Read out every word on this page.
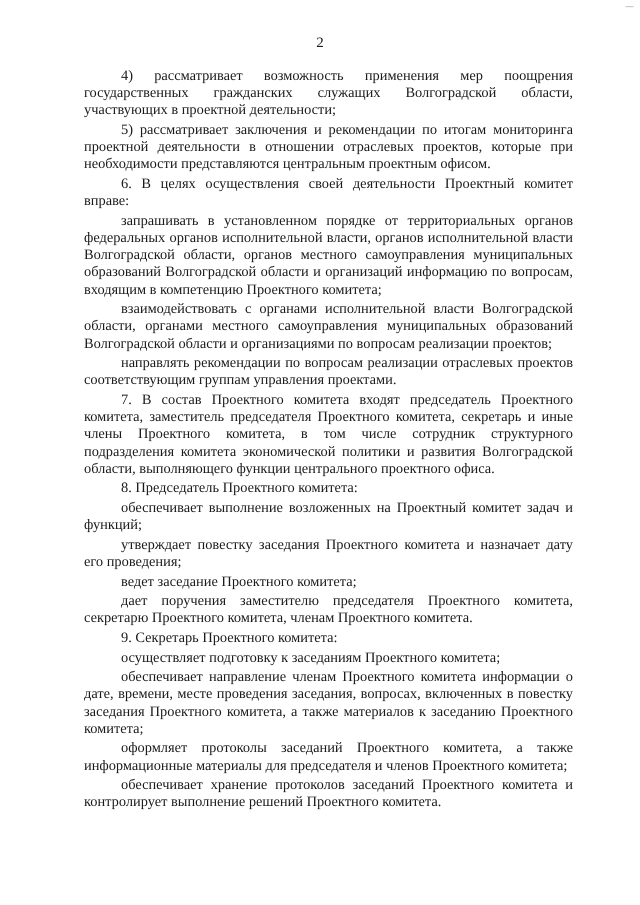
—
2

4) рассматривает возможность применения мер поощрения государственных гражданских служащих Волгоградской области, участвующих в проектной деятельности;

5) рассматривает заключения и рекомендации по итогам мониторинга проектной деятельности в отношении отраслевых проектов, которые при необходимости представляются центральным проектным офисом.

6. В целях осуществления своей деятельности Проектный комитет вправе:

запрашивать в установленном порядке от территориальных органов федеральных органов исполнительной власти, органов исполнительной власти Волгоградской области, органов местного самоуправления муниципальных образований Волгоградской области и организаций информацию по вопросам, входящим в компетенцию Проектного комитета;

взаимодействовать с органами исполнительной власти Волгоградской области, органами местного самоуправления муниципальных образований Волгоградской области и организациями по вопросам реализации проектов;

направлять рекомендации по вопросам реализации отраслевых проектов соответствующим группам управления проектами.

7. В состав Проектного комитета входят председатель Проектного комитета, заместитель председателя Проектного комитета, секретарь и иные члены Проектного комитета, в том числе сотрудник структурного подразделения комитета экономической политики и развития Волгоградской области, выполняющего функции центрального проектного офиса.

8. Председатель Проектного комитета:

обеспечивает выполнение возложенных на Проектный комитет задач и функций;

утверждает повестку заседания Проектного комитета и назначает дату его проведения;

ведет заседание Проектного комитета;

дает поручения заместителю председателя Проектного комитета, секретарю Проектного комитета, членам Проектного комитета.

9. Секретарь Проектного комитета:

осуществляет подготовку к заседаниям Проектного комитета;

обеспечивает направление членам Проектного комитета информации о дате, времени, месте проведения заседания, вопросах, включенных в повестку заседания Проектного комитета, а также материалов к заседанию Проектного комитета;

оформляет протоколы заседаний Проектного комитета, а также информационные материалы для председателя и членов Проектного комитета;

обеспечивает хранение протоколов заседаний Проектного комитета и контролирует выполнение решений Проектного комитета.
